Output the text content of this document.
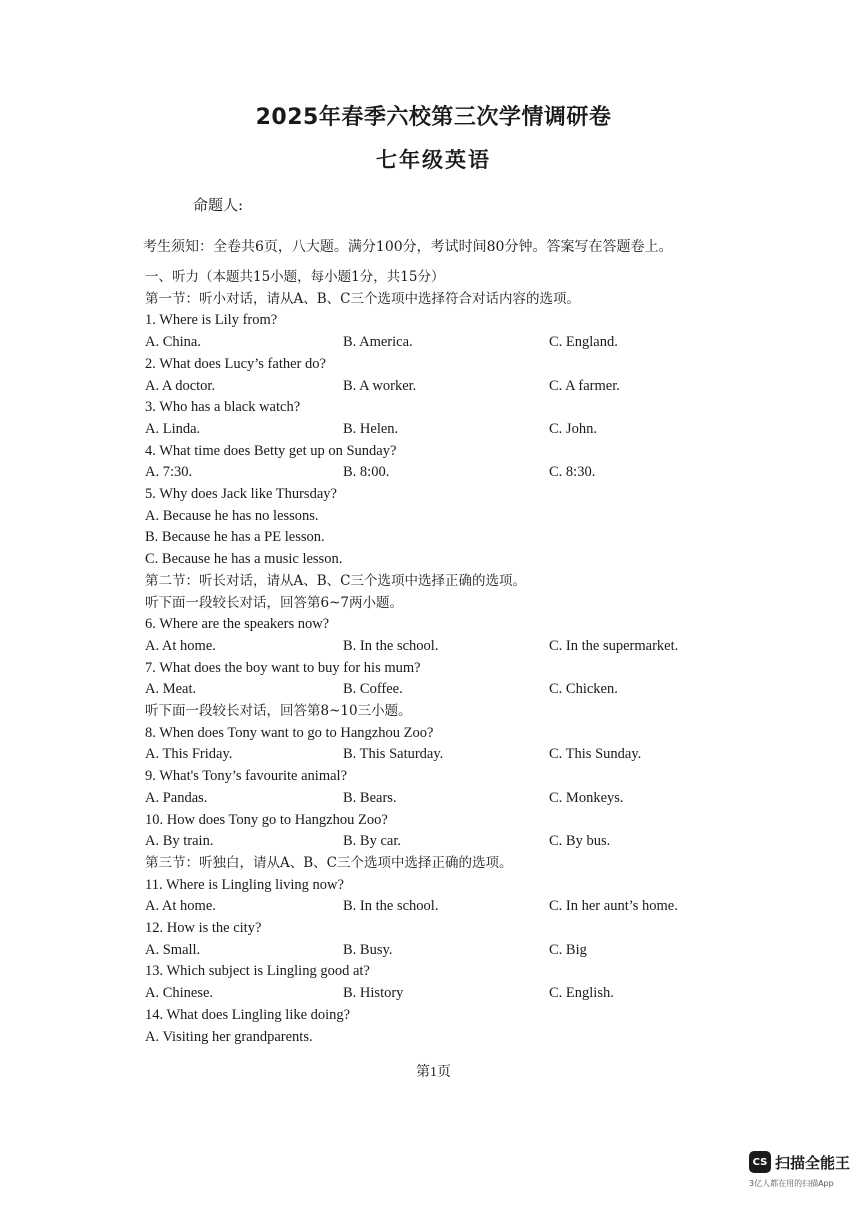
2025年春季六校第三次学情调研卷
七年级英语
命题人:
考生须知：全卷共6页，八大题。满分100分，考试时间80分钟。答案写在答题卷上。
一、听力（本题共15小题，每小题1分，共15分）
第一节：听小对话，请从A、B、C三个选项中选择符合对话内容的选项。
1. Where is Lily from?
A. China.	B. America.	C. England.
2. What does Lucy’s father do?
A. A doctor.	B. A worker.	C. A farmer.
3. Who has a black watch?
A. Linda.	B. Helen.	C. John.
4. What time does Betty get up on Sunday?
A. 7:30.	B. 8:00.	C. 8:30.
5. Why does Jack like Thursday?
A. Because he has no lessons.
B. Because he has a PE lesson.
C. Because he has a music lesson.
第二节：听长对话，请从A、B、C三个选项中选择正确的选项。
听下面一段较长对话，回答第6~7两小题。
6. Where are the speakers now?
A. At home.	B. In the school.	C. In the supermarket.
7. What does the boy want to buy for his mum?
A. Meat.	B. Coffee.	C. Chicken.
听下面一段较长对话，回答第8~10三小题。
8. When does Tony want to go to Hangzhou Zoo?
A. This Friday.	B. This Saturday.	C. This Sunday.
9. What's Tony’s favourite animal?
A. Pandas.	B. Bears.	C. Monkeys.
10. How does Tony go to Hangzhou Zoo?
A. By train.	B. By car.	C. By bus.
第三节：听独白，请从A、B、C三个选项中选择正确的选项。
11. Where is Lingling living now?
A. At home.	B. In the school.	C. In her aunt’s home.
12. How is the city?
A. Small.	B. Busy.	C. Big
13. Which subject is Lingling good at?
A. Chinese.	B. History	C. English.
14. What does Lingling like doing?
A. Visiting her grandparents.
第1页
CS 扫描全能王
3亿人都在用的扫描App
